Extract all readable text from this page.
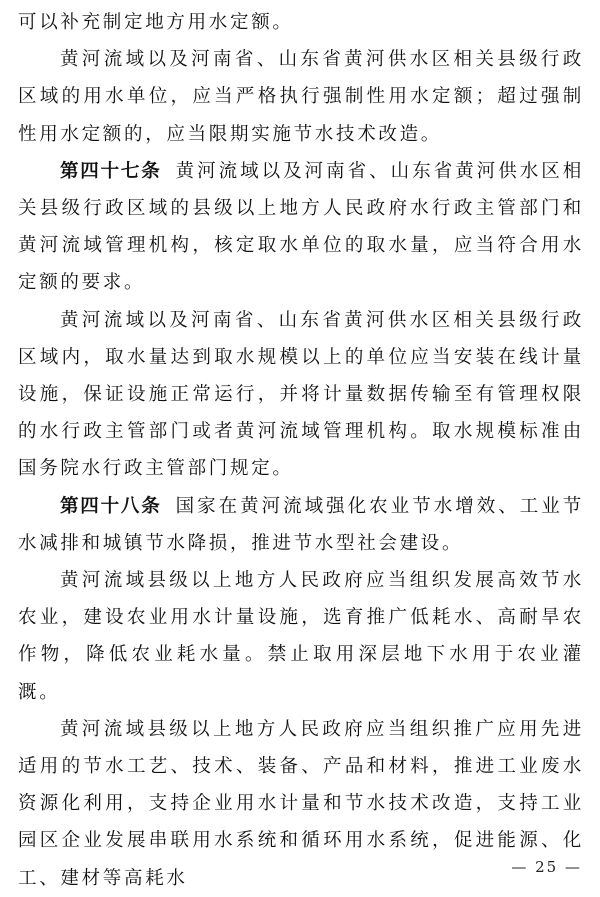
可以补充制定地方用水定额。

黄河流域以及河南省、山东省黄河供水区相关县级行政区域的用水单位，应当严格执行强制性用水定额；超过强制性用水定额的，应当限期实施节水技术改造。

第四十七条 黄河流域以及河南省、山东省黄河供水区相关县级行政区域的县级以上地方人民政府水行政主管部门和黄河流域管理机构，核定取水单位的取水量，应当符合用水定额的要求。

黄河流域以及河南省、山东省黄河供水区相关县级行政区域内，取水量达到取水规模以上的单位应当安装在线计量设施，保证设施正常运行，并将计量数据传输至有管理权限的水行政主管部门或者黄河流域管理机构。取水规模标准由国务院水行政主管部门规定。

第四十八条 国家在黄河流域强化农业节水增效、工业节水减排和城镇节水降损，推进节水型社会建设。

黄河流域县级以上地方人民政府应当组织发展高效节水农业，建设农业用水计量设施，选育推广低耗水、高耐旱农作物，降低农业耗水量。禁止取用深层地下水用于农业灌溉。

黄河流域县级以上地方人民政府应当组织推广应用先进适用的节水工艺、技术、装备、产品和材料，推进工业废水资源化利用，支持企业用水计量和节水技术改造，支持工业园区企业发展串联用水系统和循环用水系统，促进能源、化工、建材等高耗水

— 25 —
